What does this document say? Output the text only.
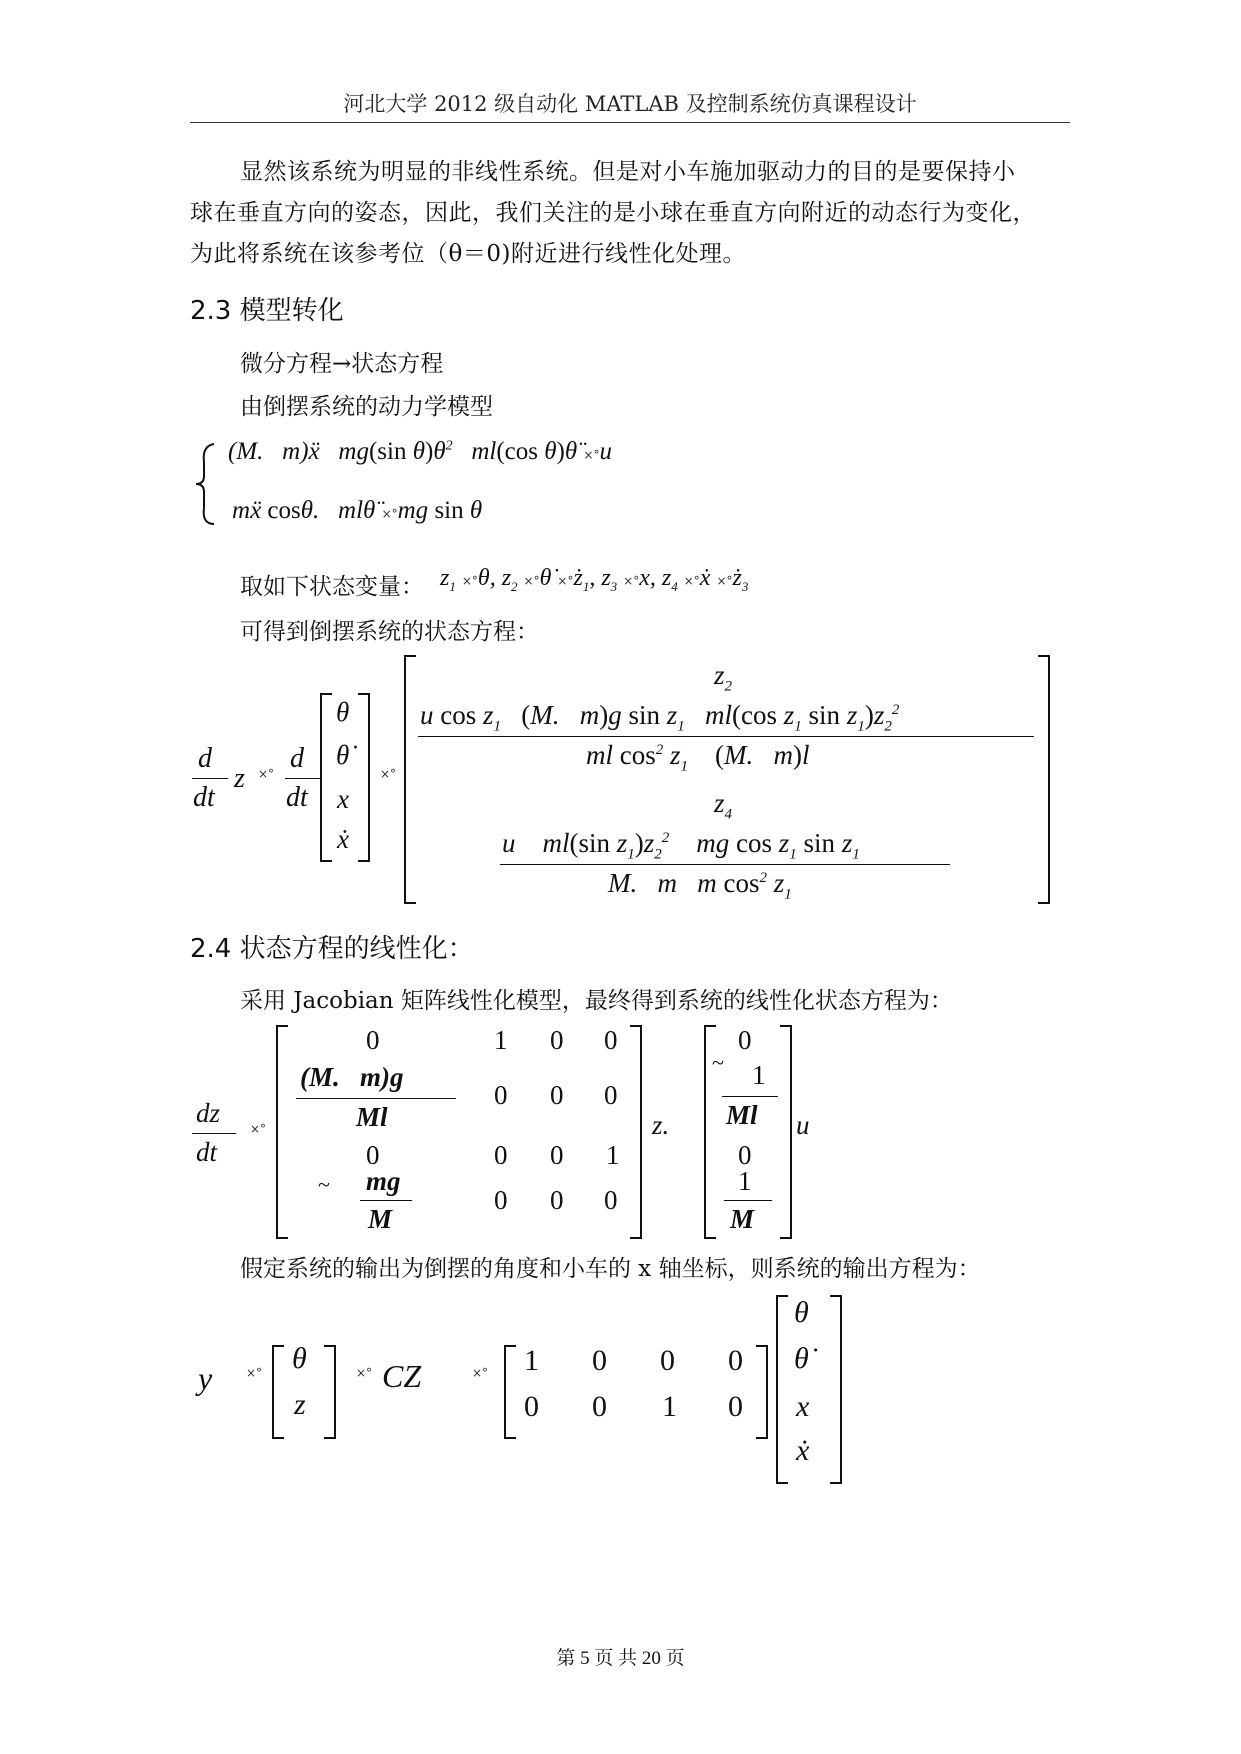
河北大学 2012 级自动化 MATLAB 及控制系统仿真课程设计
显然该系统为明显的非线性系统。但是对小车施加驱动力的目的是要保持小
球在垂直方向的姿态，因此，我们关注的是小球在垂直方向附近的动态行为变化，
为此将系统在该参考位（θ＝0)附近进行线性化处理。
2.3 模型转化
微分方程→状态方程
由倒摆系统的动力学模型
(M.   m)ẍ   mg(sin $\theta)\theta^2$ ml(cos θ)θ̈ ×°u
mẍ cosθ.   mlθ̈ ×°mg sin θ
取如下状态变量： $z_1 \times^\circ\theta$, $z_2$ ×°θ̇ $\times^\circ z_1$, $z_3 \times^\circ x$, $z_4$ ×°ẋ $\times^\circ z_3$
可得到倒摆系统的状态方程：
d
dt
z ×° d
dt
θ
θ̇
x
ẋ
×°
$z_2$
u $\cos z_1$ (M.   m)g $\sin z_1$ ml(cos $z_1$ $\sin z_1)z_2^2$
ml $\cos^2 z_1$ (M.   m)l
$z_4$
u ml(sin $z_1)z_2^2$ mg $\cos z_1$ $\sin z_1$
M.   m m $\cos^2 z_1$
2.4 状态方程的线性化：
采用 Jacobian 矩阵线性化模型，最终得到系统的线性化状态方程为：
dz
dt
×°
0
(M.   m)g
Ml
0
~ mg
M
1 0 0
0 0 0
0 0 1
0 0 0
z.
0
~ 1
Ml
0
1
M
u
假定系统的输出为倒摆的角度和小车的 x 轴坐标，则系统的输出方程为：
y	×° θ
z
×° CZ	×° 1 0 0 0
0 0 1 0
θ
θ̇
x
ẋ
第 5 页 共 20 页
